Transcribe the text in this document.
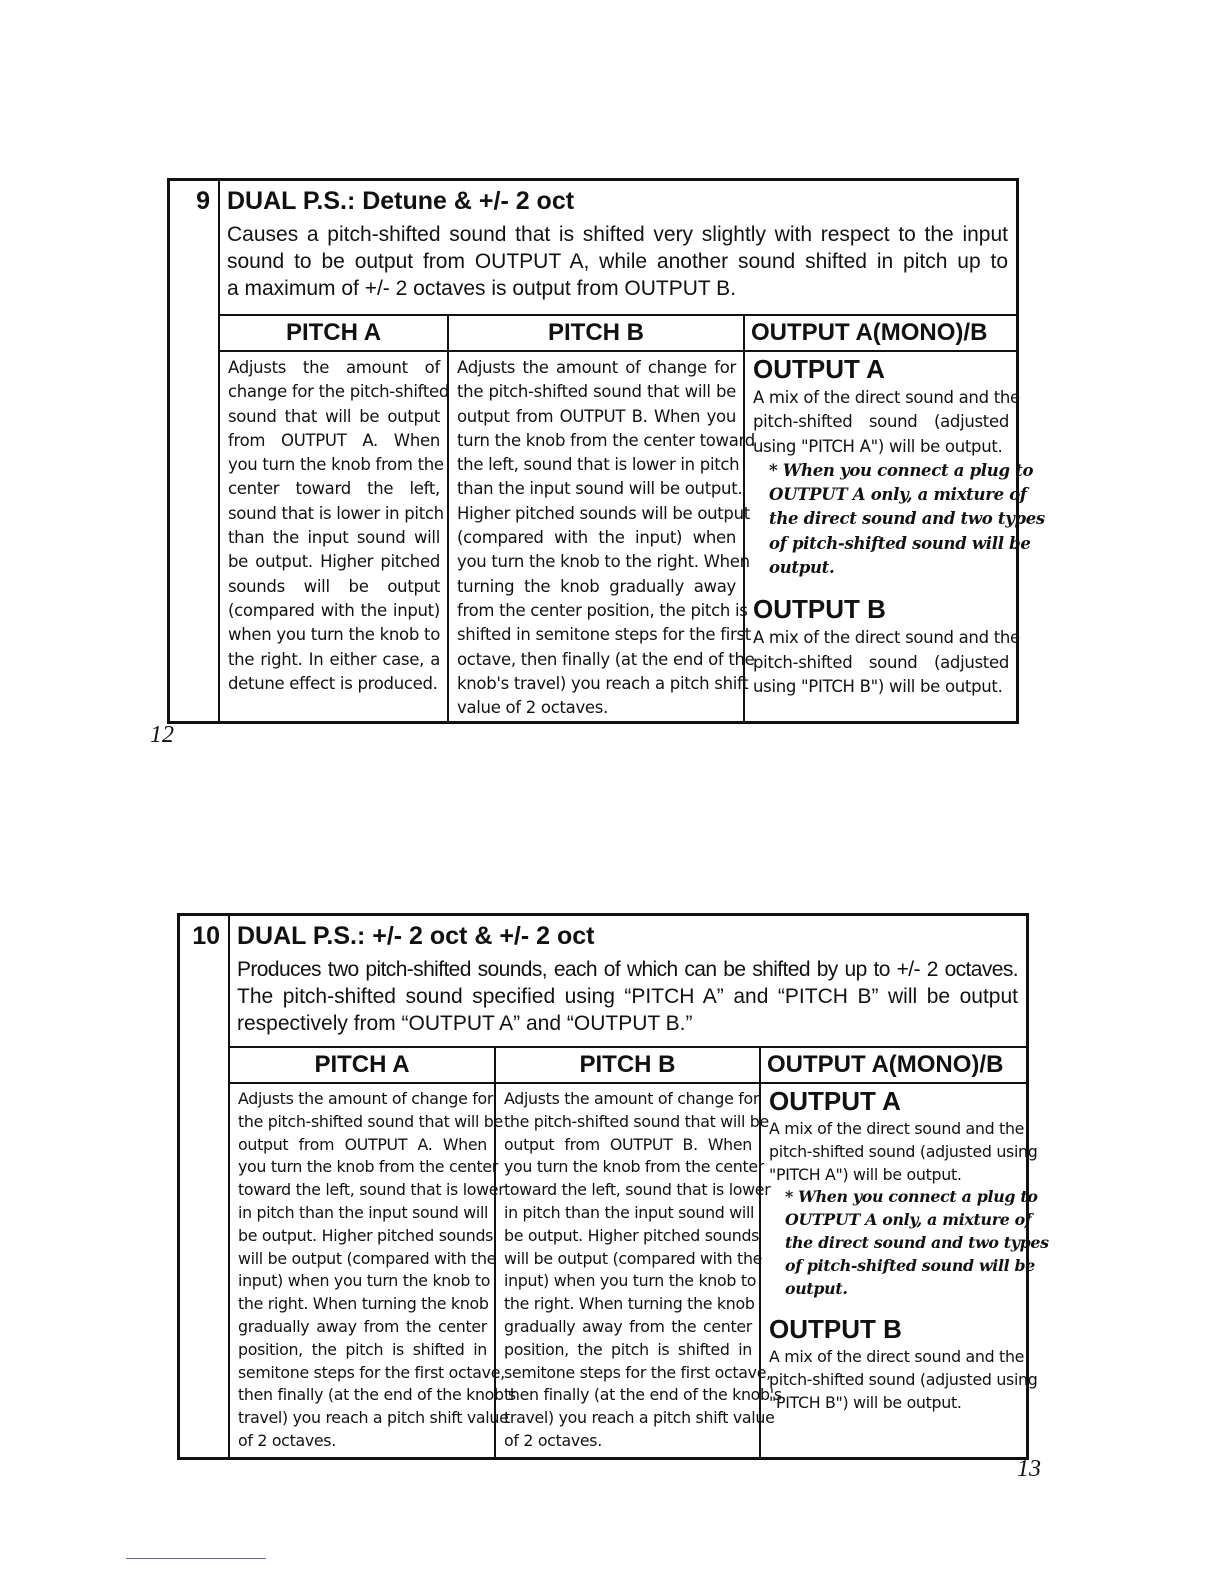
9 DUAL P.S.: Detune & +/- 2 oct
Causes a pitch-shifted sound that is shifted very slightly with respect to the input
sound to be output from OUTPUT A, while another sound shifted in pitch up to
a maximum of +/- 2 octaves is output from OUTPUT B.
PITCH A
Adjusts the amount of
change for the pitch-shifted
sound that will be output
from OUTPUT A. When
you turn the knob from the
center toward the left,
sound that is lower in pitch
than the input sound will
be output. Higher pitched
sounds will be output
(compared with the input)
when you turn the knob to
the right. In either case, a
detune effect is produced.
PITCH B
Adjusts the amount of change for
the pitch-shifted sound that will be
output from OUTPUT B. When you
turn the knob from the center toward
the left, sound that is lower in pitch
than the input sound will be output.
Higher pitched sounds will be output
(compared with the input) when
you turn the knob to the right. When
turning the knob gradually away
from the center position, the pitch is
shifted in semitone steps for the first
octave, then finally (at the end of the
knob's travel) you reach a pitch shift
value of 2 octaves.
OUTPUT A(MONO)/B
OUTPUT A
A mix of the direct sound and the
pitch-shifted sound (adjusted
using "PITCH A") will be output.
* When you connect a plug to
OUTPUT A only, a mixture of
the direct sound and two types
of pitch-shifted sound will be
output.
OUTPUT B
A mix of the direct sound and the
pitch-shifted sound (adjusted
using "PITCH B") will be output.
12
10 DUAL P.S.: +/- 2 oct & +/- 2 oct
Produces two pitch-shifted sounds, each of which can be shifted by up to +/- 2 octaves.
The pitch-shifted sound specified using “PITCH A” and “PITCH B” will be output
respectively from “OUTPUT A” and “OUTPUT B.”
PITCH A
Adjusts the amount of change for
the pitch-shifted sound that will be
output from OUTPUT A. When
you turn the knob from the center
toward the left, sound that is lower
in pitch than the input sound will
be output. Higher pitched sounds
will be output (compared with the
input) when you turn the knob to
the right. When turning the knob
gradually away from the center
position, the pitch is shifted in
semitone steps for the first octave,
then finally (at the end of the knob's
travel) you reach a pitch shift value
of 2 octaves.
PITCH B
Adjusts the amount of change for
the pitch-shifted sound that will be
output from OUTPUT B. When
you turn the knob from the center
toward the left, sound that is lower
in pitch than the input sound will
be output. Higher pitched sounds
will be output (compared with the
input) when you turn the knob to
the right. When turning the knob
gradually away from the center
position, the pitch is shifted in
semitone steps for the first octave,
then finally (at the end of the knob's
travel) you reach a pitch shift value
of 2 octaves.
OUTPUT A(MONO)/B
OUTPUT A
A mix of the direct sound and the
pitch-shifted sound (adjusted using
"PITCH A") will be output.
* When you connect a plug to
OUTPUT A only, a mixture of
the direct sound and two types
of pitch-shifted sound will be
output.
OUTPUT B
A mix of the direct sound and the
pitch-shifted sound (adjusted using
"PITCH B") will be output.
13
